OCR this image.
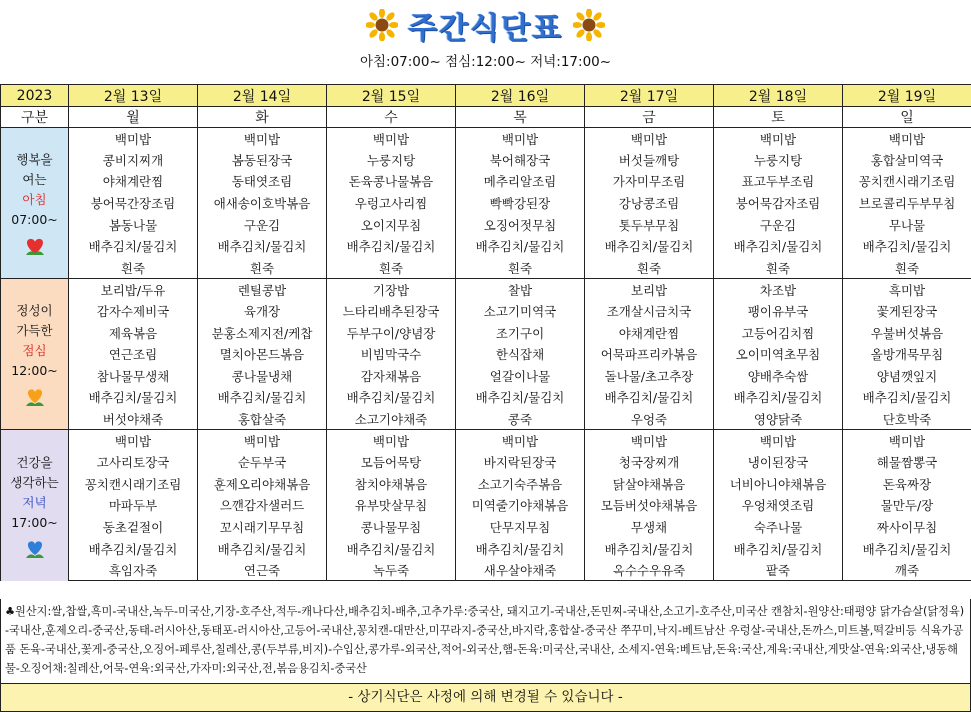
주간식단표
아침:07:00~ 점심:12:00~ 저녁:17:00~
2023	2월 13일	2월 14일	2월 15일	2월 16일	2월 17일	2월 18일	2월 19일
구분	월	화	수	목	금	토	일

행복을
여는
아침
07:00~	백미밥	백미밥	백미밥	백미밥	백미밥	백미밥	백미밥
	콩비지찌개	봄동된장국	누룽지탕	북어해장국	버섯들깨탕	누룽지탕	홍합살미역국
	야채계란찜	동태엿조림	돈육콩나물볶음	메추리알조림	가자미무조림	표고두부조림	꽁치캔시래기조림
	붕어묵간장조림	애새송이호박볶음	우렁고사리찜	빡빡강된장	강낭콩조림	붕어묵감자조림	브로콜리두부무침
	봄동나물	구운김	오이지무침	오징어젓무침	톳두부무침	구운김	무나물
	배추김치/물김치	배추김치/물김치	배추김치/물김치	배추김치/물김치	배추김치/물김치	배추김치/물김치	배추김치/물김치
	흰죽	흰죽	흰죽	흰죽	흰죽	흰죽	흰죽

정성이
가득한
점심
12:00~	보리밥/두유	렌틸콩밥	기장밥	찰밥	보리밥	차조밥	흑미밥
	감자수제비국	육개장	느타리배추된장국	소고기미역국	조개살시금치국	팽이유부국	꽃게된장국
	제육볶음	분홍소제지전/케찹	두부구이/양념장	조기구이	야채계란찜	고등어김치찜	우불버섯볶음
	연근조림	멸치아몬드볶음	비빔막국수	한식잡채	어묵파프리카볶음	오이미역초무침	올방개묵무침
	참나물무생채	콩나물냉채	감자채볶음	얼갈이나물	돌나물/초고추장	양배추숙쌈	양념깻잎지
	배추김치/물김치	배추김치/물김치	배추김치/물김치	배추김치/물김치	배추김치/물김치	배추김치/물김치	배추김치/물김치
	버섯야채죽	홍합살죽	소고기야채죽	콩죽	우엉죽	영양닭죽	단호박죽

건강을
생각하는
저녁
17:00~	백미밥	백미밥	백미밥	백미밥	백미밥	백미밥	백미밥
	고사리토장국	순두부국	모듬어묵탕	바지락된장국	청국장찌개	냉이된장국	해물짬뽕국
	꽁치캔시래기조림	훈제오리야채볶음	참치야채볶음	소고기숙주볶음	닭살야채볶음	너비아니야채볶음	돈육짜장
	마파두부	으깬감자샐러드	유부맛살무침	미역줄기야채볶음	모듬버섯야채볶음	우엉채엿조림	물만두/장
	동초겉절이	꼬시래기무무침	콩나물무침	단무지무침	무생채	숙주나물	짜사이무침
	배추김치/물김치	배추김치/물김치	배추김치/물김치	배추김치/물김치	배추김치/물김치	배추김치/물김치	배추김치/물김치
	흑임자죽	연근죽	녹두죽	새우살야채죽	옥수수우유죽	팥죽	깨죽
♣원산지:쌀,찹쌀,흑미-국내산,녹두-미국산,기장-호주산,적두-캐나다산,배추김치-배추,고추가루:중국산, 돼지고기-국내산,돈민찌-국내산,소고기-호주산,미국산 캔참치-원양산:태평양 닭가슴살(닭정육)-국내산,훈제오리-중국산,동태-러시아산,동태포-러시아산,고등어-국내산,꽁치캔-대만산,미꾸라지-중국산,바지락,홍합살-중국산 쭈꾸미,낙지-베트남산 우렁살-국내산,돈까스,미트볼,떡갈비등 식육가공품 돈육-국내산,꽃게-중국산,오징어-페루산,칠레산,콩(두부류,비지)-수입산,콩가루-외국산,적어-외국산,햄-돈육:미국산,국내산, 소세지-연육:베트남,돈육:국산,계육:국내산,게맛살-연육:외국산,냉동해물-오징어채:칠레산,어묵-연육:외국산,가자미:외국산,전,볶음용김치-중국산
- 상기식단은 사정에 의해 변경될 수 있습니다 -
